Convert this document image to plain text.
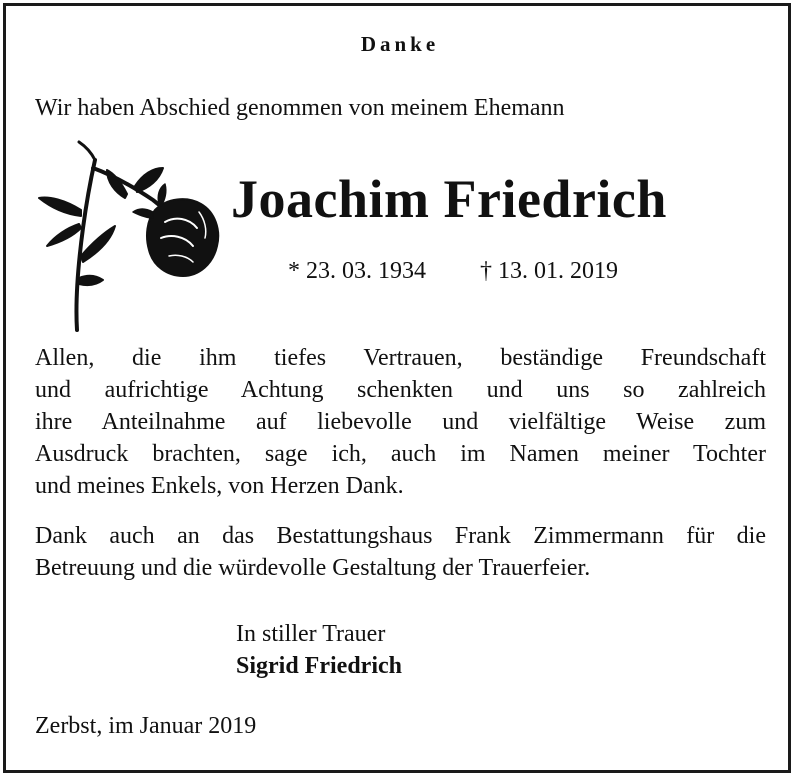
Danke
Wir haben Abschied genommen von meinem Ehemann
Joachim Friedrich
* 23. 03. 1934 † 13. 01. 2019
Allen, die ihm tiefes Vertrauen, beständige Freundschaft
und aufrichtige Achtung schenkten und uns so zahlreich
ihre Anteilnahme auf liebevolle und vielfältige Weise zum
Ausdruck brachten, sage ich, auch im Namen meiner Tochter
und meines Enkels, von Herzen Dank.
Dank auch an das Bestattungshaus Frank Zimmermann für die
Betreuung und die würdevolle Gestaltung der Trauerfeier.
In stiller Trauer
Sigrid Friedrich
Zerbst, im Januar 2019
